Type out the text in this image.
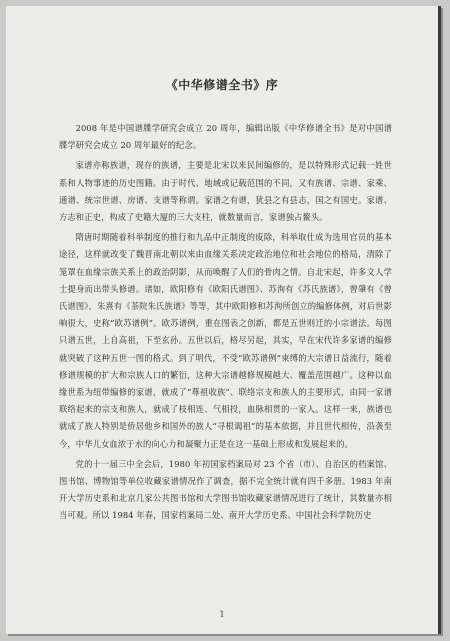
《中华修谱全书》序

2008 年是中国谱牒学研究会成立 20 周年，编辑出版《中华修谱全书》是对中国谱牒学研究会成立 20 周年最好的纪念。

家谱亦称族谱，现存的族谱，主要是北宋以来民间编修的，是以特殊形式记载一姓世系和人物事迹的历史图籍。由于时代、地域或记载范围的不同，又有族谱、宗谱、家乘、通谱、统宗世谱、房谱、支谱等称谓。家谱之有谱，犹县之有县志，国之有国史。家谱、方志和正史，构成了史籍大厦的三大支柱，就数量而言，家谱独占鳌头。

隋唐时期随着科举制度的推行和九品中正制度的废除，科举取仕成为选用官员的基本途径，这样就改变了魏晋南北朝以来由血缘关系决定政治地位和社会地位的格局，清除了笼罩在血缘宗族关系上的政治阴影，从而唤醒了人们的骨肉之情。自北宋起，许多文人学士提身而出带头修谱。诸如，欧阳修有《欧阳氏谱图》、苏洵有《苏氏族谱》，曾肇有《曾氏谱图》，朱熹有《茶院朱氏族谱》等等，其中欧阳修和苏洵所创立的编修体例，对后世影响很大，史称“欧苏谱例”。欧苏谱例，重在图表之创新，都是五世则迁的小宗谱法。每图只谱五世，上自高祖，下至玄孙。五世以后，格尽另起，其实，早在宋代许多家谱的编修就突破了这种五世一图的格式。到了明代，不受“欧苏谱例”束缚的大宗谱日益流行，随着修谱规模的扩大和宗族人口的繁衍，这种大宗谱越修规模越大、覆盖范围越广。这种以血缘世系为纽带编修的家谱，就成了“尊祖收族”、联络宗支和族人的主要形式，由同一家谱联络起来的宗支和族人，就成了枝相连、气相投，血脉相贯的一家人。这样一来，族谱也就成了族人特别是侨居他乡和国外的族人“寻根谒祖”的基本依据，并且世代相传，沿袭至今，中华儿女血浓于水的向心力和凝聚力正是在这一基础上形成和发展起来的。

党的十一届三中全会后，1980 年初国家档案局对 23 个省（市）、自治区的档案馆、图书馆、博物馆等单位收藏家谱情况作了调查，据不完全统计就有四千多册。1983 年南开大学历史系和北京几家公共图书馆和大学图书馆收藏家谱情况进行了统计，其数量亦相当可观。所以 1984 年春，国家档案局二处、南开大学历史系、中国社会科学院历史

1
